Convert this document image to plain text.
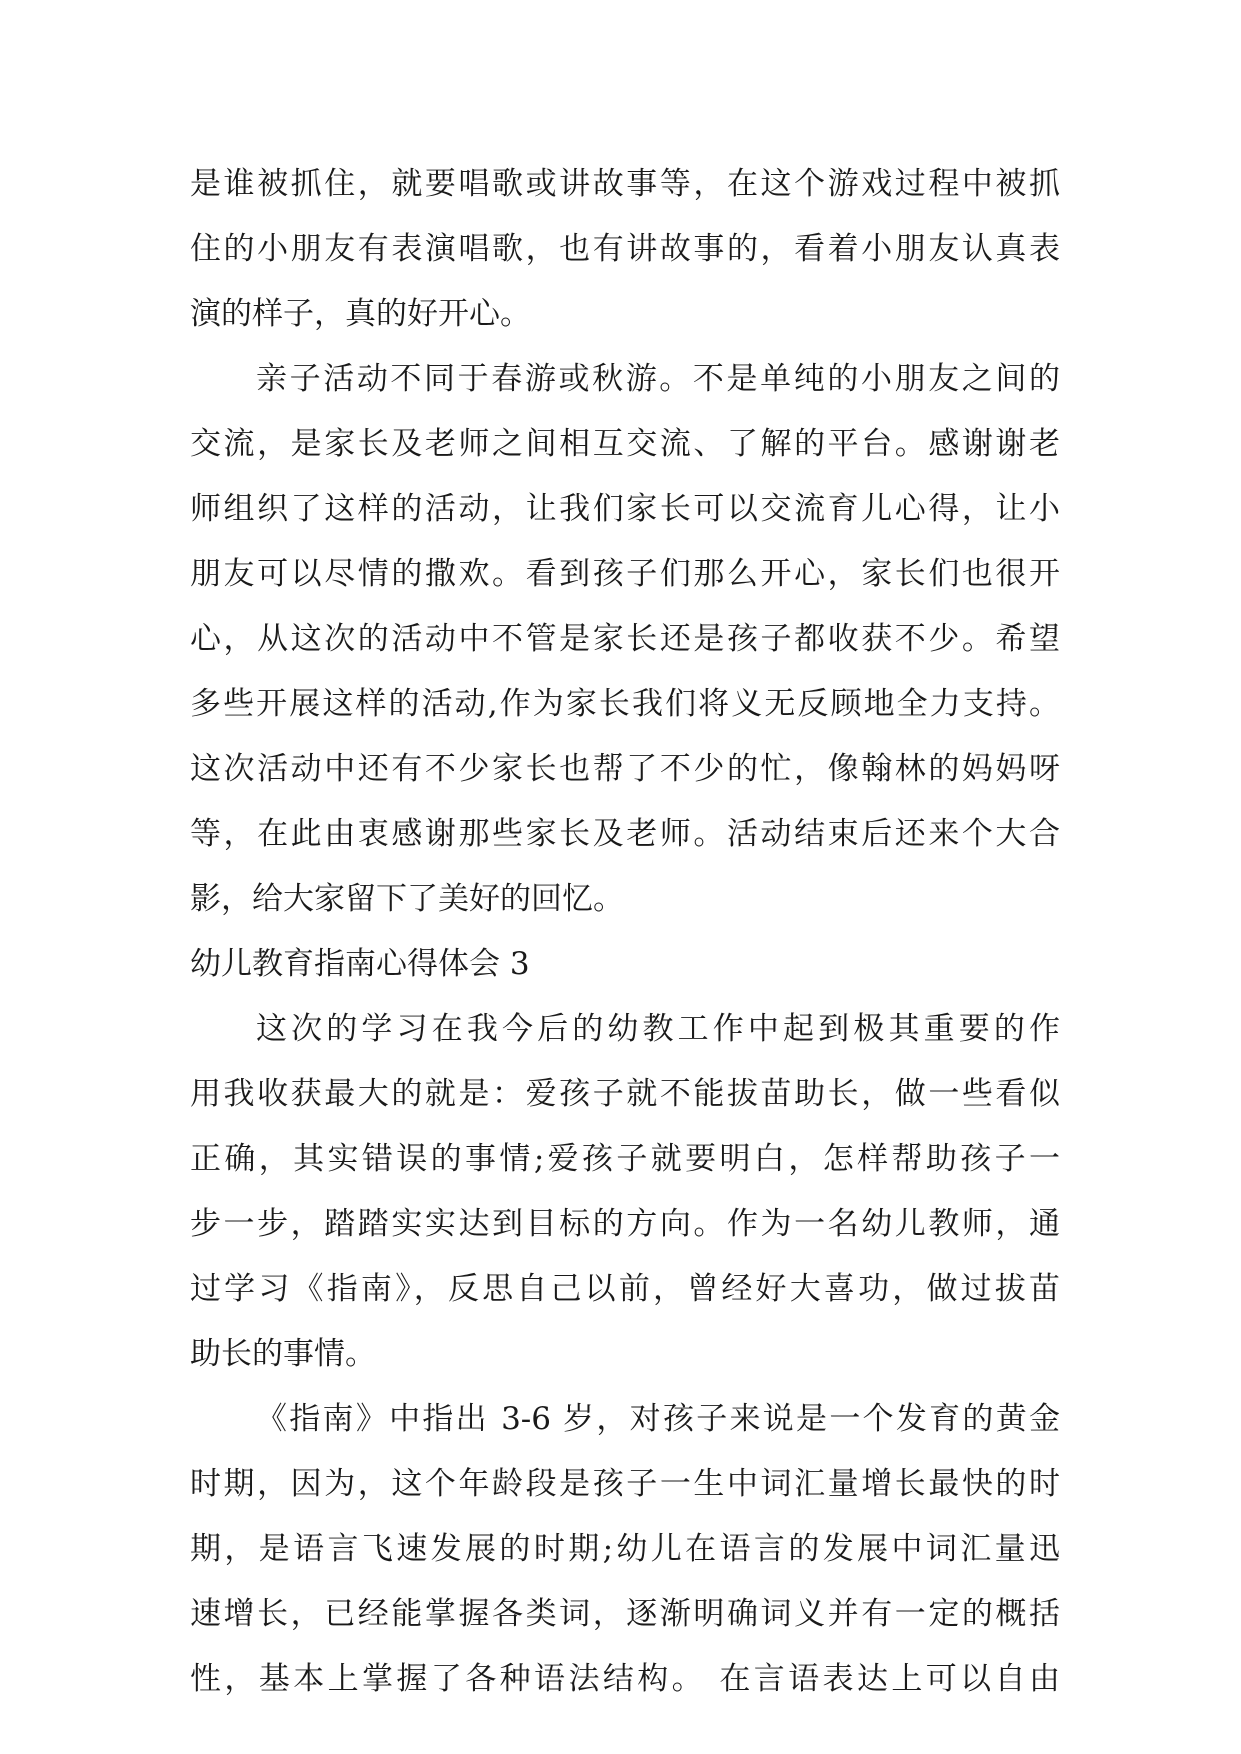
是谁被抓住，就要唱歌或讲故事等，在这个游戏过程中被抓
住的小朋友有表演唱歌，也有讲故事的，看着小朋友认真表
演的样子，真的好开心。
亲子活动不同于春游或秋游。不是单纯的小朋友之间的
交流，是家长及老师之间相互交流、了解的平台。感谢谢老
师组织了这样的活动，让我们家长可以交流育儿心得，让小
朋友可以尽情的撒欢。看到孩子们那么开心，家长们也很开
心，从这次的活动中不管是家长还是孩子都收获不少。希望
多些开展这样的活动,作为家长我们将义无反顾地全力支持。
这次活动中还有不少家长也帮了不少的忙，像翰林的妈妈呀
等，在此由衷感谢那些家长及老师。活动结束后还来个大合
影，给大家留下了美好的回忆。
幼儿教育指南心得体会 3
这次的学习在我今后的幼教工作中起到极其重要的作
用我收获最大的就是：爱孩子就不能拔苗助长，做一些看似
正确，其实错误的事情;爱孩子就要明白，怎样帮助孩子一
步一步，踏踏实实达到目标的方向。作为一名幼儿教师，通
过学习《指南》，反思自己以前，曾经好大喜功，做过拔苗
助长的事情。
《指南》中指出 3-6 岁，对孩子来说是一个发育的黄金
时期，因为，这个年龄段是孩子一生中词汇量增长最快的时
期，是语言飞速发展的时期;幼儿在语言的发展中词汇量迅
速增长，已经能掌握各类词，逐渐明确词义并有一定的概括
性，基本上掌握了各种语法结构。 在言语表达上可以自由
